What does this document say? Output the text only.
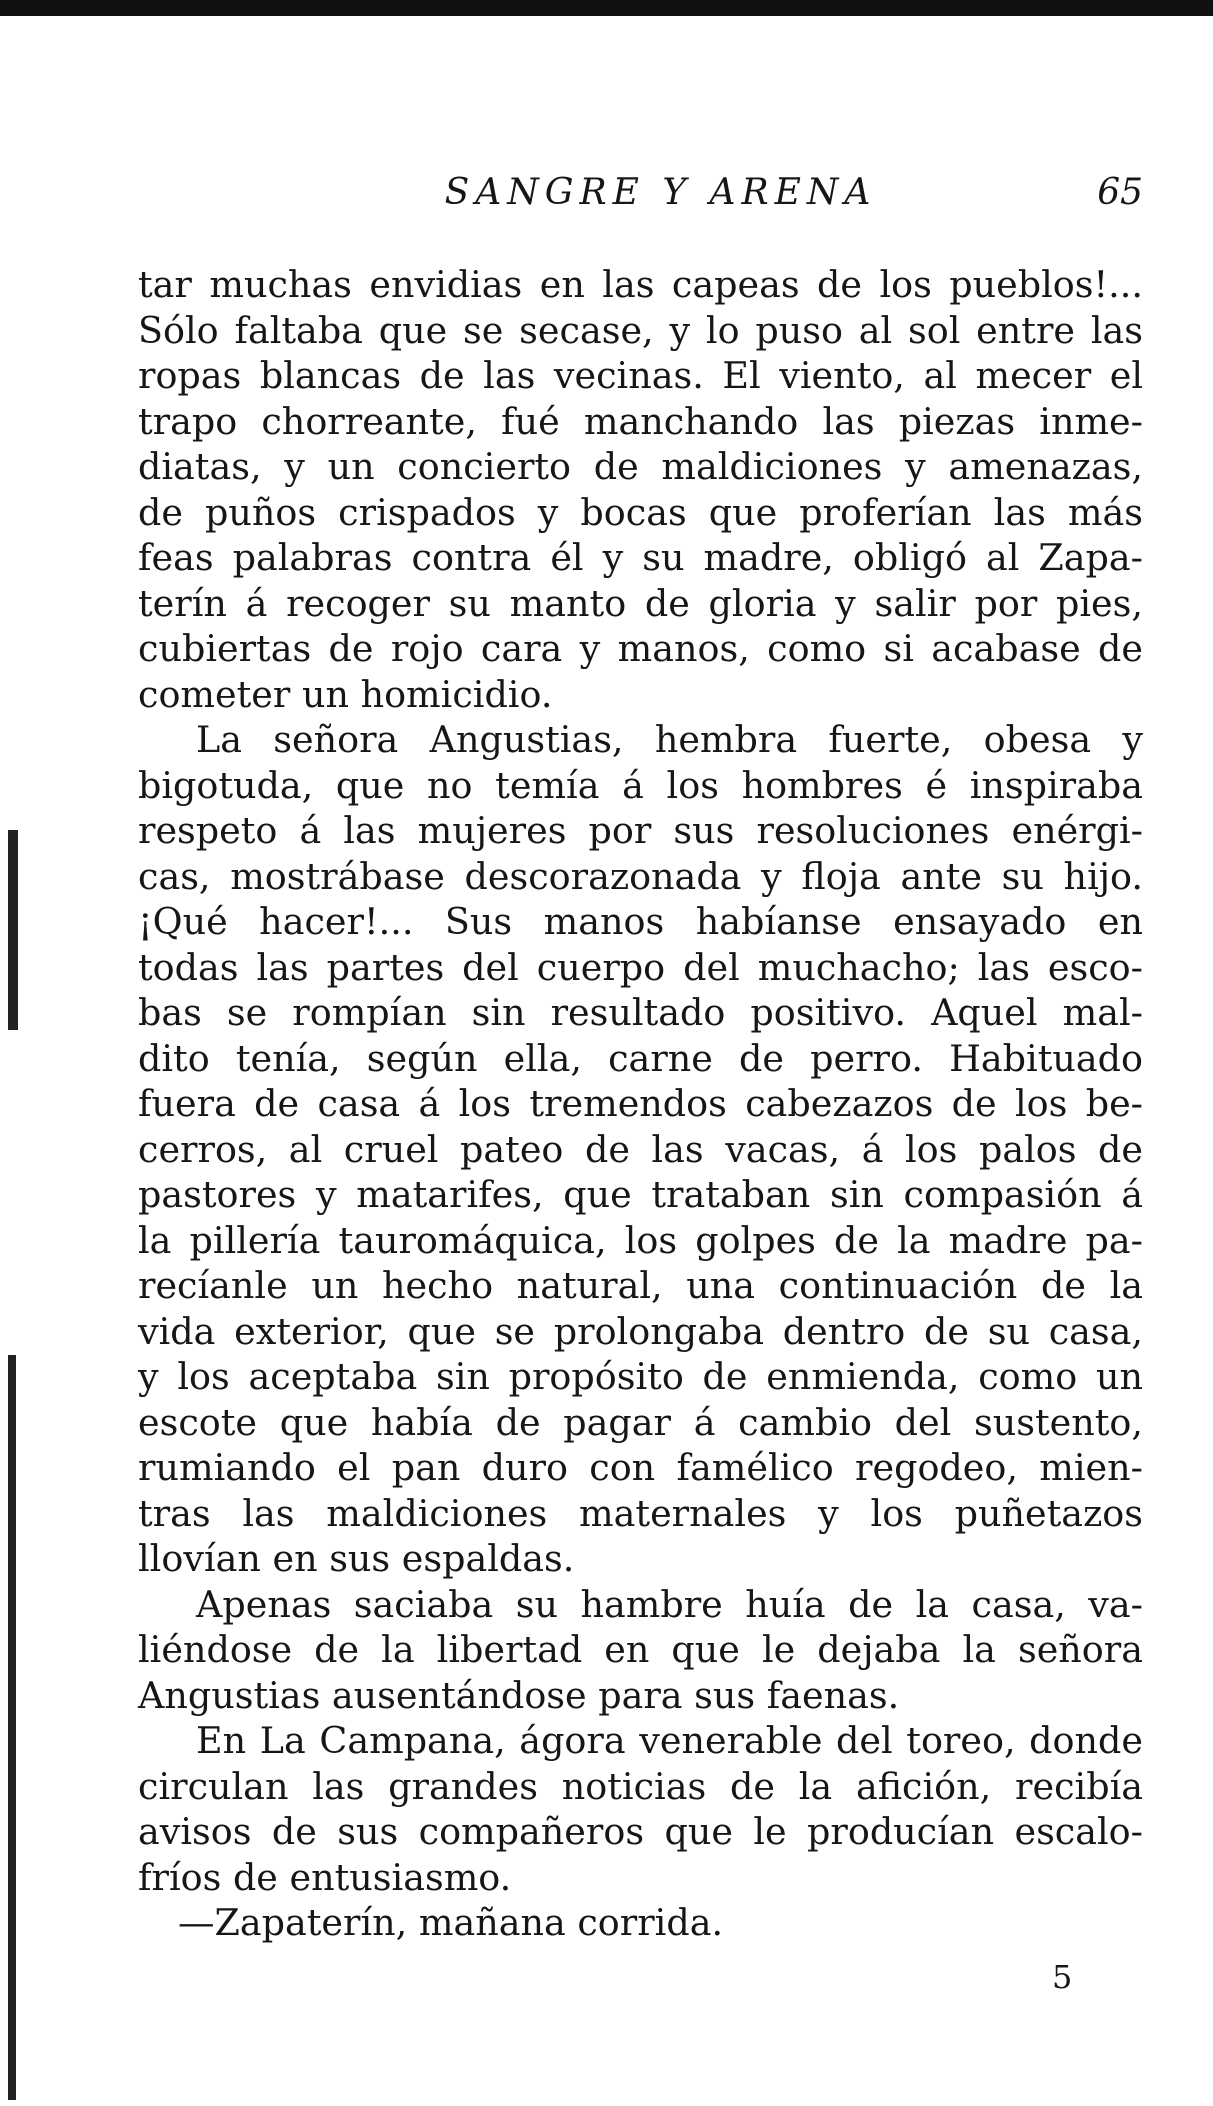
SANGRE Y ARENA	65
tar muchas envidias en las capeas de los pueblos!...
Sólo faltaba que se secase, y lo puso al sol entre las
ropas blancas de las vecinas. El viento, al mecer el
trapo chorreante, fué manchando las piezas inme-
diatas, y un concierto de maldiciones y amenazas,
de puños crispados y bocas que proferían las más
feas palabras contra él y su madre, obligó al Zapa-
terín á recoger su manto de gloria y salir por pies,
cubiertas de rojo cara y manos, como si acabase de
cometer un homicidio.
La señora Angustias, hembra fuerte, obesa y
bigotuda, que no temía á los hombres é inspiraba
respeto á las mujeres por sus resoluciones enérgi-
cas, mostrábase descorazonada y floja ante su hijo.
¡Qué hacer!... Sus manos habíanse ensayado en
todas las partes del cuerpo del muchacho; las esco-
bas se rompían sin resultado positivo. Aquel mal-
dito tenía, según ella, carne de perro. Habituado
fuera de casa á los tremendos cabezazos de los be-
cerros, al cruel pateo de las vacas, á los palos de
pastores y matarifes, que trataban sin compasión á
la pillería tauromáquica, los golpes de la madre pa-
recíanle un hecho natural, una continuación de la
vida exterior, que se prolongaba dentro de su casa,
y los aceptaba sin propósito de enmienda, como un
escote que había de pagar á cambio del sustento,
rumiando el pan duro con famélico regodeo, mien-
tras las maldiciones maternales y los puñetazos
llovían en sus espaldas.
Apenas saciaba su hambre huía de la casa, va-
liéndose de la libertad en que le dejaba la señora
Angustias ausentándose para sus faenas.
En La Campana, ágora venerable del toreo, donde
circulan las grandes noticias de la afición, recibía
avisos de sus compañeros que le producían escalo-
fríos de entusiasmo.
—Zapaterín, mañana corrida.
5
